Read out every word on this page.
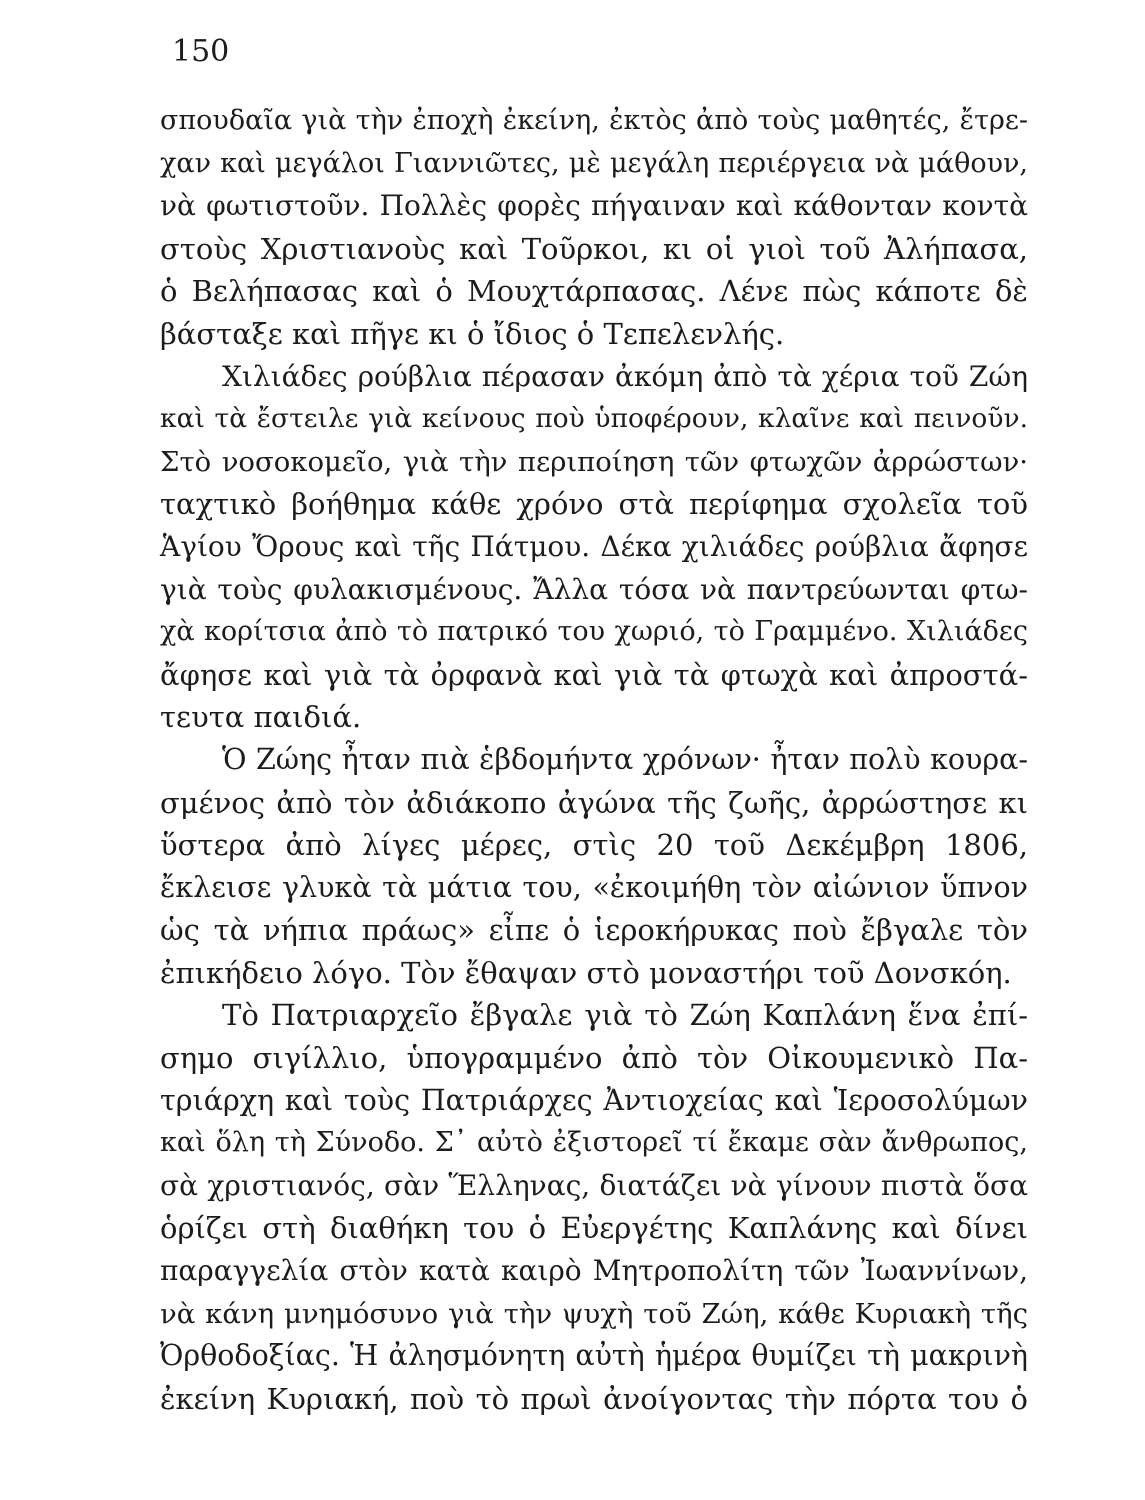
150
σπουδαῖα γιὰ τὴν ἐποχὴ ἐκείνη, ἐκτὸς ἀπὸ τοὺς μαθητές, ἔτρε-
χαν καὶ μεγάλοι Γιαννιῶτες, μὲ μεγάλη περιέργεια νὰ μάθουν,
νὰ φωτιστοῦν. Πολλὲς φορὲς πήγαιναν καὶ κάθονταν κοντὰ
στοὺς Χριστιανοὺς καὶ Τοῦρκοι, κι οἱ γιοὶ τοῦ Ἀλήπασα,
ὁ Βελήπασας καὶ ὁ Μουχτάρπασας. Λένε πὼς κάποτε δὲ
βάσταξε καὶ πῆγε κι ὁ ἴδιος ὁ Τεπελενλής.
Χιλιάδες ρούβλια πέρασαν ἀκόμη ἀπὸ τὰ χέρια τοῦ Ζώη
καὶ τὰ ἔστειλε γιὰ κείνους ποὺ ὑποφέρουν, κλαῖνε καὶ πεινοῦν.
Στὸ νοσοκομεῖο, γιὰ τὴν περιποίηση τῶν φτωχῶν ἀρρώστων·
ταχτικὸ βοήθημα κάθε χρόνο στὰ περίφημα σχολεῖα τοῦ
Ἁγίου Ὄρους καὶ τῆς Πάτμου. Δέκα χιλιάδες ρούβλια ἄφησε
γιὰ τοὺς φυλακισμένους. Ἄλλα τόσα νὰ παντρεύωνται φτω-
χὰ κορίτσια ἀπὸ τὸ πατρικό του χωριό, τὸ Γραμμένο. Χιλιάδες
ἄφησε καὶ γιὰ τὰ ὀρφανὰ καὶ γιὰ τὰ φτωχὰ καὶ ἀπροστά-
τευτα παιδιά.
Ὁ Ζώης ἦταν πιὰ ἑβδομήντα χρόνων· ἦταν πολὺ κουρα-
σμένος ἀπὸ τὸν ἀδιάκοπο ἀγώνα τῆς ζωῆς, ἀρρώστησε κι
ὕστερα ἀπὸ λίγες μέρες, στὶς 20 τοῦ Δεκέμβρη 1806,
ἔκλεισε γλυκὰ τὰ μάτια του, «ἐκοιμήθη τὸν αἰώνιον ὕπνον
ὡς τὰ νήπια πράως» εἶπε ὁ ἱεροκήρυκας ποὺ ἔβγαλε τὸν
ἐπικήδειο λόγο. Τὸν ἔθαψαν στὸ μοναστήρι τοῦ Δονσκόη.
Τὸ Πατριαρχεῖο ἔβγαλε γιὰ τὸ Ζώη Καπλάνη ἕνα ἐπί-
σημο σιγίλλιο, ὑπογραμμένο ἀπὸ τὸν Οἰκουμενικὸ Πα-
τριάρχη καὶ τοὺς Πατριάρχες Ἀντιοχείας καὶ Ἱεροσολύμων
καὶ ὅλη τὴ Σύνοδο. Σ᾽ αὐτὸ ἐξιστορεῖ τί ἔκαμε σὰν ἄνθρωπος,
σὰ χριστιανός, σὰν Ἕλληνας, διατάζει νὰ γίνουν πιστὰ ὅσα
ὁρίζει στὴ διαθήκη του ὁ Εὐεργέτης Καπλάνης καὶ δίνει
παραγγελία στὸν κατὰ καιρὸ Μητροπολίτη τῶν Ἰωαννίνων,
νὰ κάνη μνημόσυνο γιὰ τὴν ψυχὴ τοῦ Ζώη, κάθε Κυριακὴ τῆς
Ὀρθοδοξίας. Ἡ ἀλησμόνητη αὐτὴ ἡμέρα θυμίζει τὴ μακρινὴ
ἐκείνη Κυριακή, ποὺ τὸ πρωὶ ἀνοίγοντας τὴν πόρτα του ὁ
